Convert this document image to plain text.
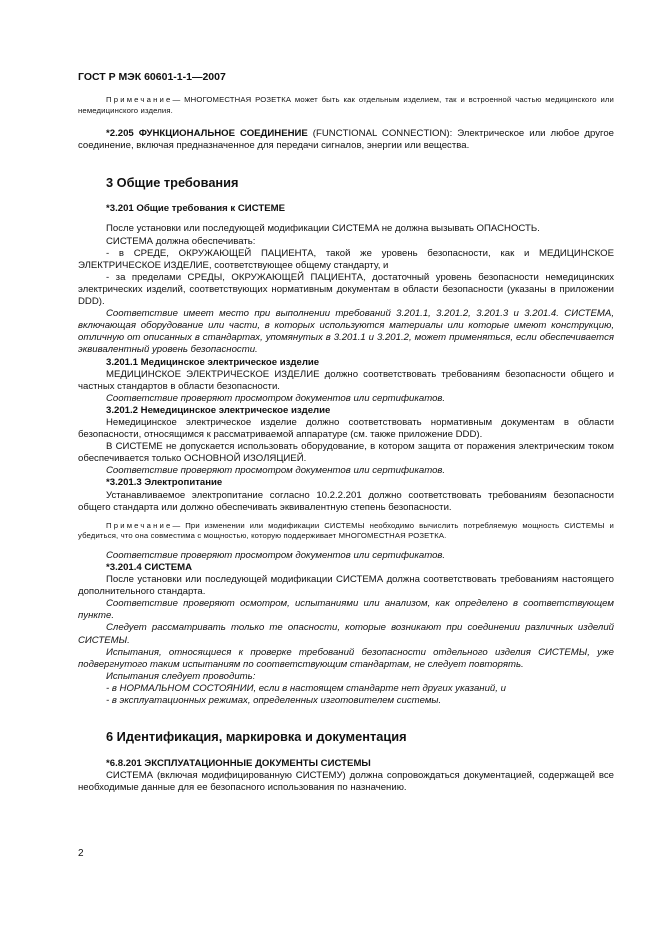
ГОСТ Р МЭК 60601-1-1—2007

Примечание— МНОГОМЕСТНАЯ РОЗЕТКА может быть как отдельным изделием, так и встроенной частью медицинского или немедицинского изделия.

*2.205 ФУНКЦИОНАЛЬНОЕ СОЕДИНЕНИЕ (FUNCTIONAL CONNECTION): Электрическое или любое другое соединение, включая предназначенное для передачи сигналов, энергии или вещества.

3 Общие требования

*3.201 Общие требования к СИСТЕМЕ

После установки или последующей модификации СИСТЕМА не должна вызывать ОПАСНОСТЬ.

СИСТЕМА должна обеспечивать:

- в СРЕДЕ, ОКРУЖАЮЩЕЙ ПАЦИЕНТА, такой же уровень безопасности, как и МЕДИЦИНСКОЕ ЭЛЕКТРИЧЕСКОЕ ИЗДЕЛИЕ, соответствующее общему стандарту, и

- за пределами СРЕДЫ, ОКРУЖАЮЩЕЙ ПАЦИЕНТА, достаточный уровень безопасности немедицинских электрических изделий, соответствующих нормативным документам в области безопасности (указаны в приложении DDD).

Соответствие имеет место при выполнении требований 3.201.1, 3.201.2, 3.201.3 и 3.201.4. СИСТЕМА, включающая оборудование или части, в которых используются материалы или которые имеют конструкцию, отличную от описанных в стандартах, упомянутых в 3.201.1 и 3.201.2, может применяться, если обеспечивается эквивалентный уровень безопасности.

3.201.1 Медицинское электрическое изделие

МЕДИЦИНСКОЕ ЭЛЕКТРИЧЕСКОЕ ИЗДЕЛИЕ должно соответствовать требованиям безопасности общего и частных стандартов в области безопасности.

Соответствие проверяют просмотром документов или сертификатов.

3.201.2 Немедицинское электрическое изделие

Немедицинское электрическое изделие должно соответствовать нормативным документам в области безопасности, относящимся к рассматриваемой аппаратуре (см. также приложение DDD).

В СИСТЕМЕ не допускается использовать оборудование, в котором защита от поражения электрическим током обеспечивается только ОСНОВНОЙ ИЗОЛЯЦИЕЙ.

Соответствие проверяют просмотром документов или сертификатов.

*3.201.3 Электропитание

Устанавливаемое электропитание согласно 10.2.2.201 должно соответствовать требованиям безопасности общего стандарта или должно обеспечивать эквивалентную степень безопасности.

Примечание— При изменении или модификации СИСТЕМЫ необходимо вычислить потребляемую мощность СИСТЕМЫ и убедиться, что она совместима с мощностью, которую поддерживает МНОГОМЕСТНАЯ РОЗЕТКА.

Соответствие проверяют просмотром документов или сертификатов.

*3.201.4 СИСТЕМА

После установки или последующей модификации СИСТЕМА должна соответствовать требованиям настоящего дополнительного стандарта.

Соответствие проверяют осмотром, испытаниями или анализом, как определено в соответствующем пункте.

Следует рассматривать только те опасности, которые возникают при соединении различных изделий СИСТЕМЫ.

Испытания, относящиеся к проверке требований безопасности отдельного изделия СИСТЕМЫ, уже подвергнутого таким испытаниям по соответствующим стандартам, не следует повторять.

Испытания следует проводить:

- в НОРМАЛЬНОМ СОСТОЯНИИ, если в настоящем стандарте нет других указаний, и

- в эксплуатационных режимах, определенных изготовителем системы.

6 Идентификация, маркировка и документация

*6.8.201 ЭКСПЛУАТАЦИОННЫЕ ДОКУМЕНТЫ СИСТЕМЫ

СИСТЕМА (включая модифицированную СИСТЕМУ) должна сопровождаться документацией, содержащей все необходимые данные для ее безопасного использования по назначению.

2
